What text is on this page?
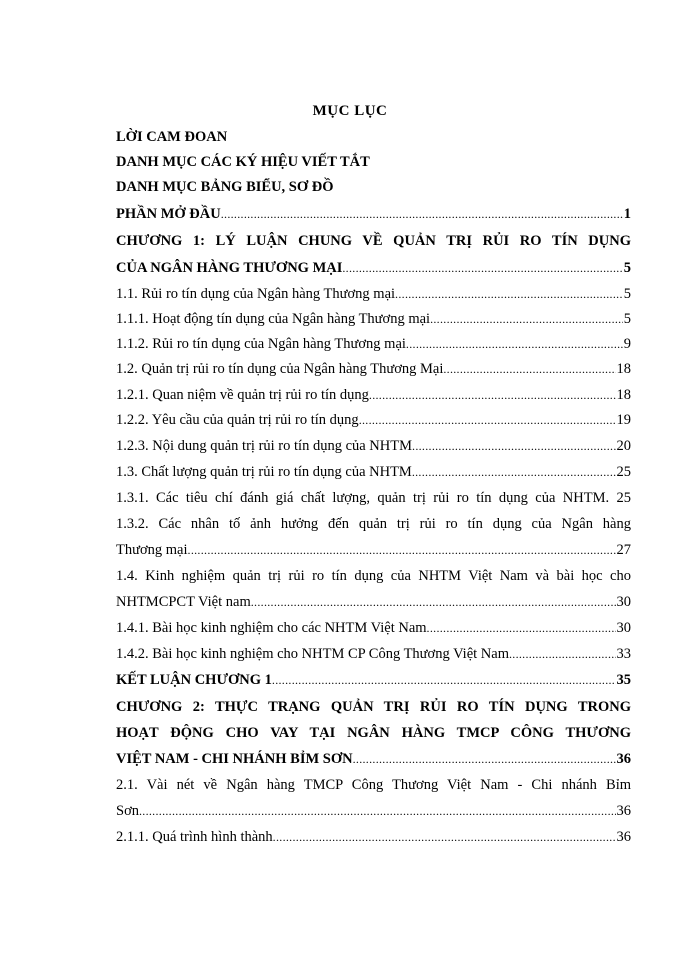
MỤC LỤC
LỜI CAM ĐOAN
DANH MỤC CÁC KÝ HIỆU VIẾT TẮT
DANH MỤC BẢNG BIỂU, SƠ ĐỒ
PHẦN MỞ ĐẦU .....	1
CHƯƠNG 1: LÝ LUẬN CHUNG VỀ QUẢN TRỊ RỦI RO TÍN DỤNG
CỦA NGÂN HÀNG THƯƠNG MẠI .....	5
1.1. Rủi ro tín dụng của Ngân hàng Thương mại .....	5
1.1.1. Hoạt động tín dụng của Ngân hàng Thương mại .....	5
1.1.2. Rủi ro tín dụng của Ngân hàng Thương mại .....	9
1.2. Quản trị rủi ro tín dụng của Ngân hàng Thương Mại .....	18
1.2.1. Quan niệm về quản trị rủi ro tín dụng .....	18
1.2.2. Yêu cầu của quản trị rủi ro tín dụng .....	19
1.2.3. Nội dung quản trị rủi ro tín dụng của NHTM .....	20
1.3. Chất lượng quản trị rủi ro tín dụng của NHTM .....	25
1.3.1. Các tiêu chí đánh giá chất lượng, quản trị rủi ro tín dụng của NHTM. 25
1.3.2. Các nhân tố ảnh hưởng đến quản trị rủi ro tín dụng của Ngân hàng
Thương mại .....	27
1.4. Kinh nghiệm quản trị rủi ro tín dụng của NHTM Việt Nam và bài học cho
NHTMCPCT Việt nam .....	30
1.4.1. Bài học kinh nghiệm cho các NHTM Việt Nam .....	30
1.4.2. Bài học kinh nghiệm cho NHTM CP Công Thương Việt Nam .....	33
KẾT LUẬN CHƯƠNG 1 .....	35
CHƯƠNG 2: THỰC TRẠNG QUẢN TRỊ RỦI RO TÍN DỤNG TRONG
HOẠT ĐỘNG CHO VAY TẠI NGÂN HÀNG TMCP CÔNG THƯƠNG
VIỆT NAM - CHI NHÁNH BỈM SƠN .....	36
2.1. Vài nét về Ngân hàng TMCP Công Thương Việt Nam - Chi nhánh Bỉm
Sơn .....	36
2.1.1. Quá trình hình thành .....	36
